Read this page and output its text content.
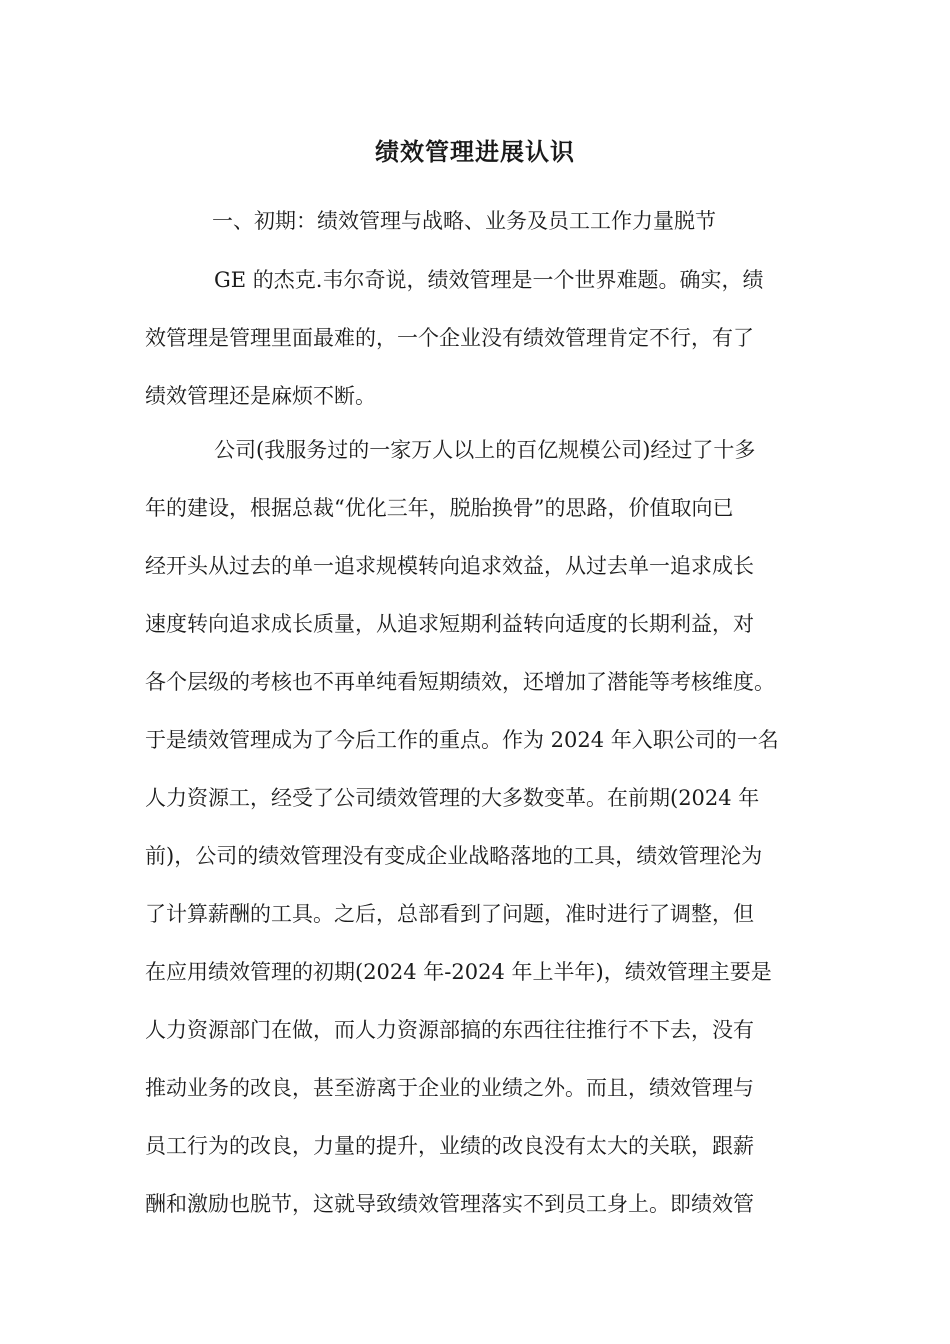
绩效管理进展认识
一、初期：绩效管理与战略、业务及员工工作力量脱节
GE 的杰克.韦尔奇说，绩效管理是一个世界难题。确实，绩
效管理是管理里面最难的，一个企业没有绩效管理肯定不行，有了
绩效管理还是麻烦不断。
公司(我服务过的一家万人以上的百亿规模公司)经过了十多
年的建设，根据总裁“优化三年，脱胎换骨”的思路，价值取向已
经开头从过去的单一追求规模转向追求效益，从过去单一追求成长
速度转向追求成长质量，从追求短期利益转向适度的长期利益，对
各个层级的考核也不再单纯看短期绩效，还增加了潜能等考核维度。
于是绩效管理成为了今后工作的重点。作为 2024 年入职公司的一名
人力资源工，经受了公司绩效管理的大多数变革。在前期(2024 年
前)，公司的绩效管理没有变成企业战略落地的工具，绩效管理沦为
了计算薪酬的工具。之后，总部看到了问题，准时进行了调整，但
在应用绩效管理的初期(2024 年-2024 年上半年)，绩效管理主要是
人力资源部门在做，而人力资源部搞的东西往往推行不下去，没有
推动业务的改良，甚至游离于企业的业绩之外。而且，绩效管理与
员工行为的改良，力量的提升，业绩的改良没有太大的关联，跟薪
酬和激励也脱节，这就导致绩效管理落实不到员工身上。即绩效管
